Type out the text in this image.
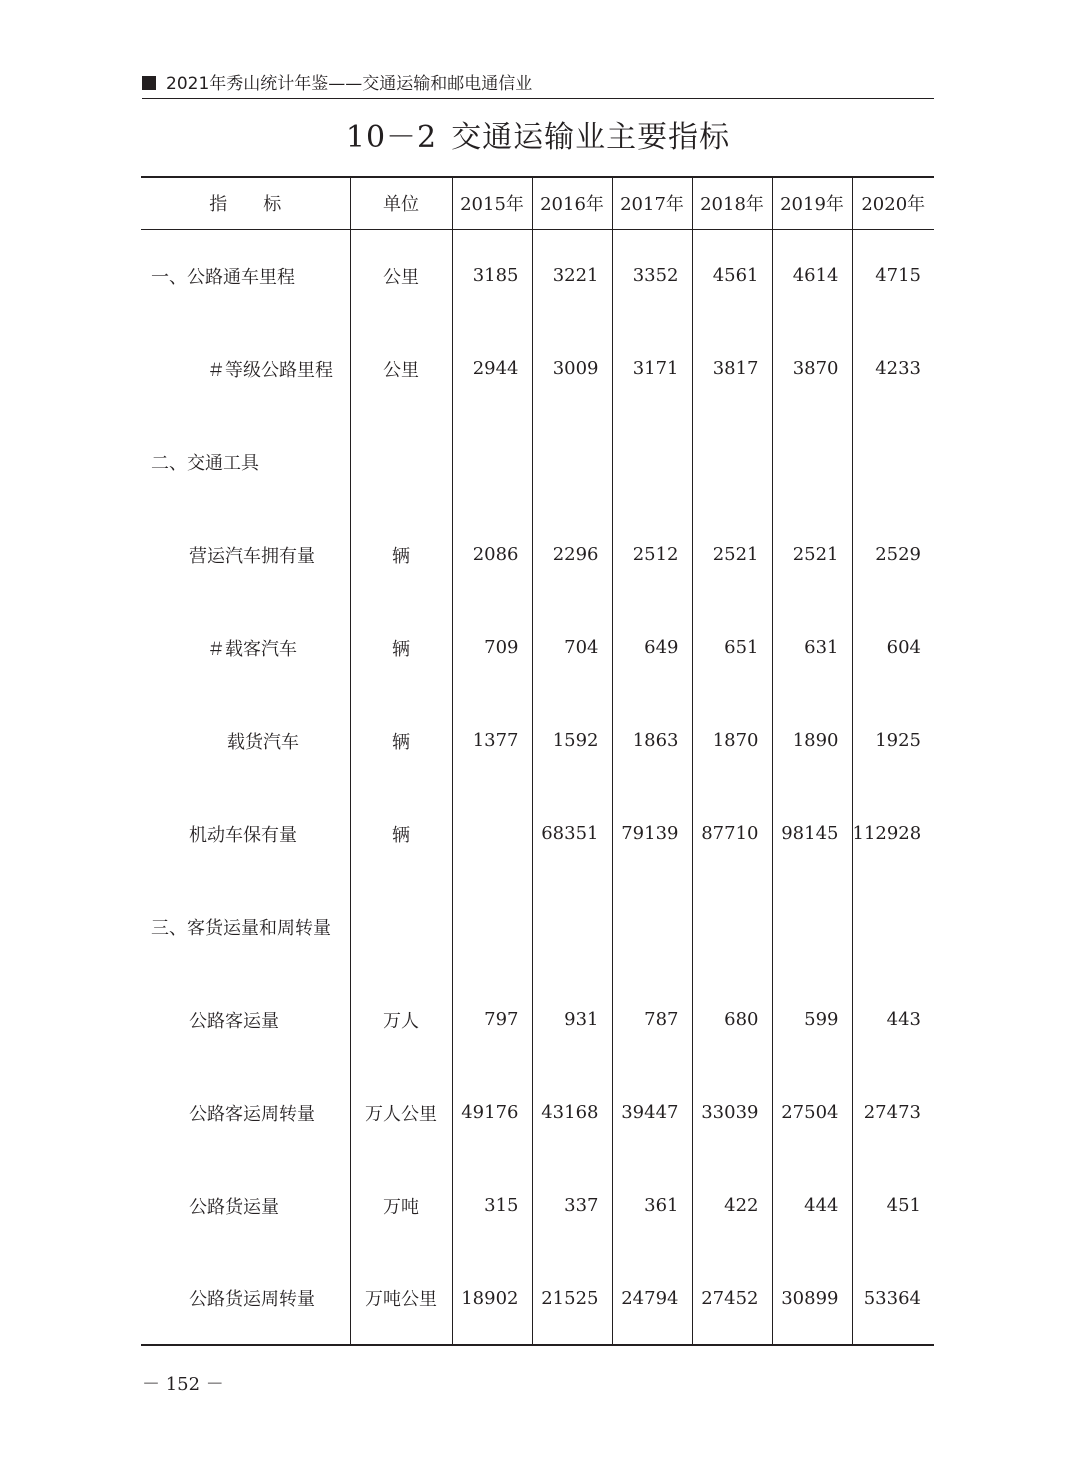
2021年秀山统计年鉴——交通运输和邮电通信业
10－2 交通运输业主要指标
指　　标	单位	2015年	2016年	2017年	2018年	2019年	2020年
一、公路通车里程	公里	3185	3221	3352	4561	4614	4715
＃等级公路里程	公里	2944	3009	3171	3817	3870	4233
二、交通工具							
营运汽车拥有量	辆	2086	2296	2512	2521	2521	2529
＃载客汽车	辆	709	704	649	651	631	604
载货汽车	辆	1377	1592	1863	1870	1890	1925
机动车保有量	辆		68351	79139	87710	98145	112928
三、客货运量和周转量							
公路客运量	万人	797	931	787	680	599	443
公路客运周转量	万人公里	49176	43168	39447	33039	27504	27473
公路货运量	万吨	315	337	361	422	444	451
公路货运周转量	万吨公里	18902	21525	24794	27452	30899	53364
－ 152 －
